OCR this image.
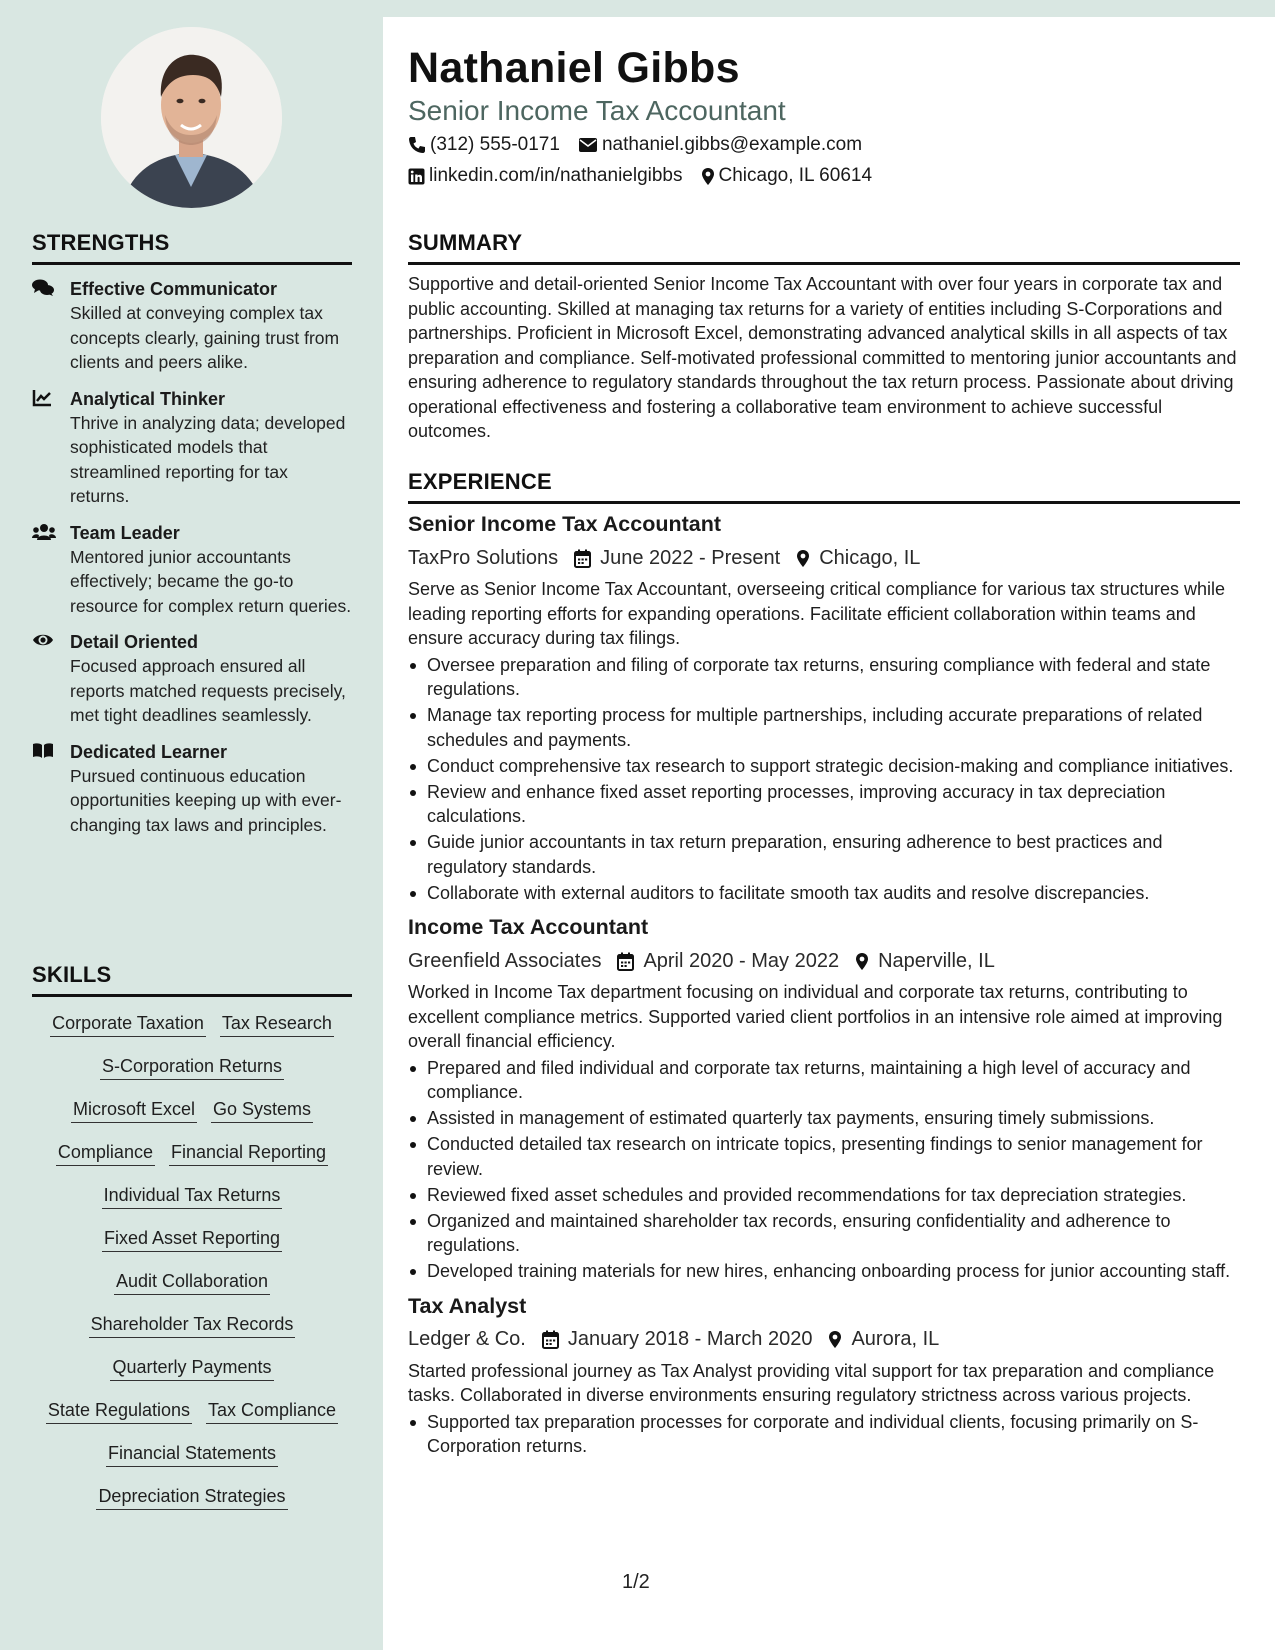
STRENGTHS
Effective Communicator
Skilled at conveying complex tax concepts clearly, gaining trust from clients and peers alike.
Analytical Thinker
Thrive in analyzing data; developed sophisticated models that streamlined reporting for tax returns.
Team Leader
Mentored junior accountants effectively; became the go-to resource for complex return queries.
Detail Oriented
Focused approach ensured all reports matched requests precisely, met tight deadlines seamlessly.
Dedicated Learner
Pursued continuous education opportunities keeping up with ever-changing tax laws and principles.
SKILLS
Corporate Taxation Tax Research
S-Corporation Returns
Microsoft Excel Go Systems
Compliance Financial Reporting
Individual Tax Returns
Fixed Asset Reporting
Audit Collaboration
Shareholder Tax Records
Quarterly Payments
State Regulations Tax Compliance
Financial Statements
Depreciation Strategies
Nathaniel Gibbs
Senior Income Tax Accountant
(312) 555-0171 nathaniel.gibbs@example.com
linkedin.com/in/nathanielgibbs Chicago, IL 60614
SUMMARY
Supportive and detail-oriented Senior Income Tax Accountant with over four years in corporate tax and public accounting. Skilled at managing tax returns for a variety of entities including S-Corporations and partnerships. Proficient in Microsoft Excel, demonstrating advanced analytical skills in all aspects of tax preparation and compliance. Self-motivated professional committed to mentoring junior accountants and ensuring adherence to regulatory standards throughout the tax return process. Passionate about driving operational effectiveness and fostering a collaborative team environment to achieve successful outcomes.
EXPERIENCE
Senior Income Tax Accountant
TaxPro Solutions June 2022 - Present Chicago, IL
Serve as Senior Income Tax Accountant, overseeing critical compliance for various tax structures while leading reporting efforts for expanding operations. Facilitate efficient collaboration within teams and ensure accuracy during tax filings.
Oversee preparation and filing of corporate tax returns, ensuring compliance with federal and state regulations.
Manage tax reporting process for multiple partnerships, including accurate preparations of related schedules and payments.
Conduct comprehensive tax research to support strategic decision-making and compliance initiatives.
Review and enhance fixed asset reporting processes, improving accuracy in tax depreciation calculations.
Guide junior accountants in tax return preparation, ensuring adherence to best practices and regulatory standards.
Collaborate with external auditors to facilitate smooth tax audits and resolve discrepancies.
Income Tax Accountant
Greenfield Associates April 2020 - May 2022 Naperville, IL
Worked in Income Tax department focusing on individual and corporate tax returns, contributing to excellent compliance metrics. Supported varied client portfolios in an intensive role aimed at improving overall financial efficiency.
Prepared and filed individual and corporate tax returns, maintaining a high level of accuracy and compliance.
Assisted in management of estimated quarterly tax payments, ensuring timely submissions.
Conducted detailed tax research on intricate topics, presenting findings to senior management for review.
Reviewed fixed asset schedules and provided recommendations for tax depreciation strategies.
Organized and maintained shareholder tax records, ensuring confidentiality and adherence to regulations.
Developed training materials for new hires, enhancing onboarding process for junior accounting staff.
Tax Analyst
Ledger & Co. January 2018 - March 2020 Aurora, IL
Started professional journey as Tax Analyst providing vital support for tax preparation and compliance tasks. Collaborated in diverse environments ensuring regulatory strictness across various projects.
Supported tax preparation processes for corporate and individual clients, focusing primarily on S-Corporation returns.
1/2
